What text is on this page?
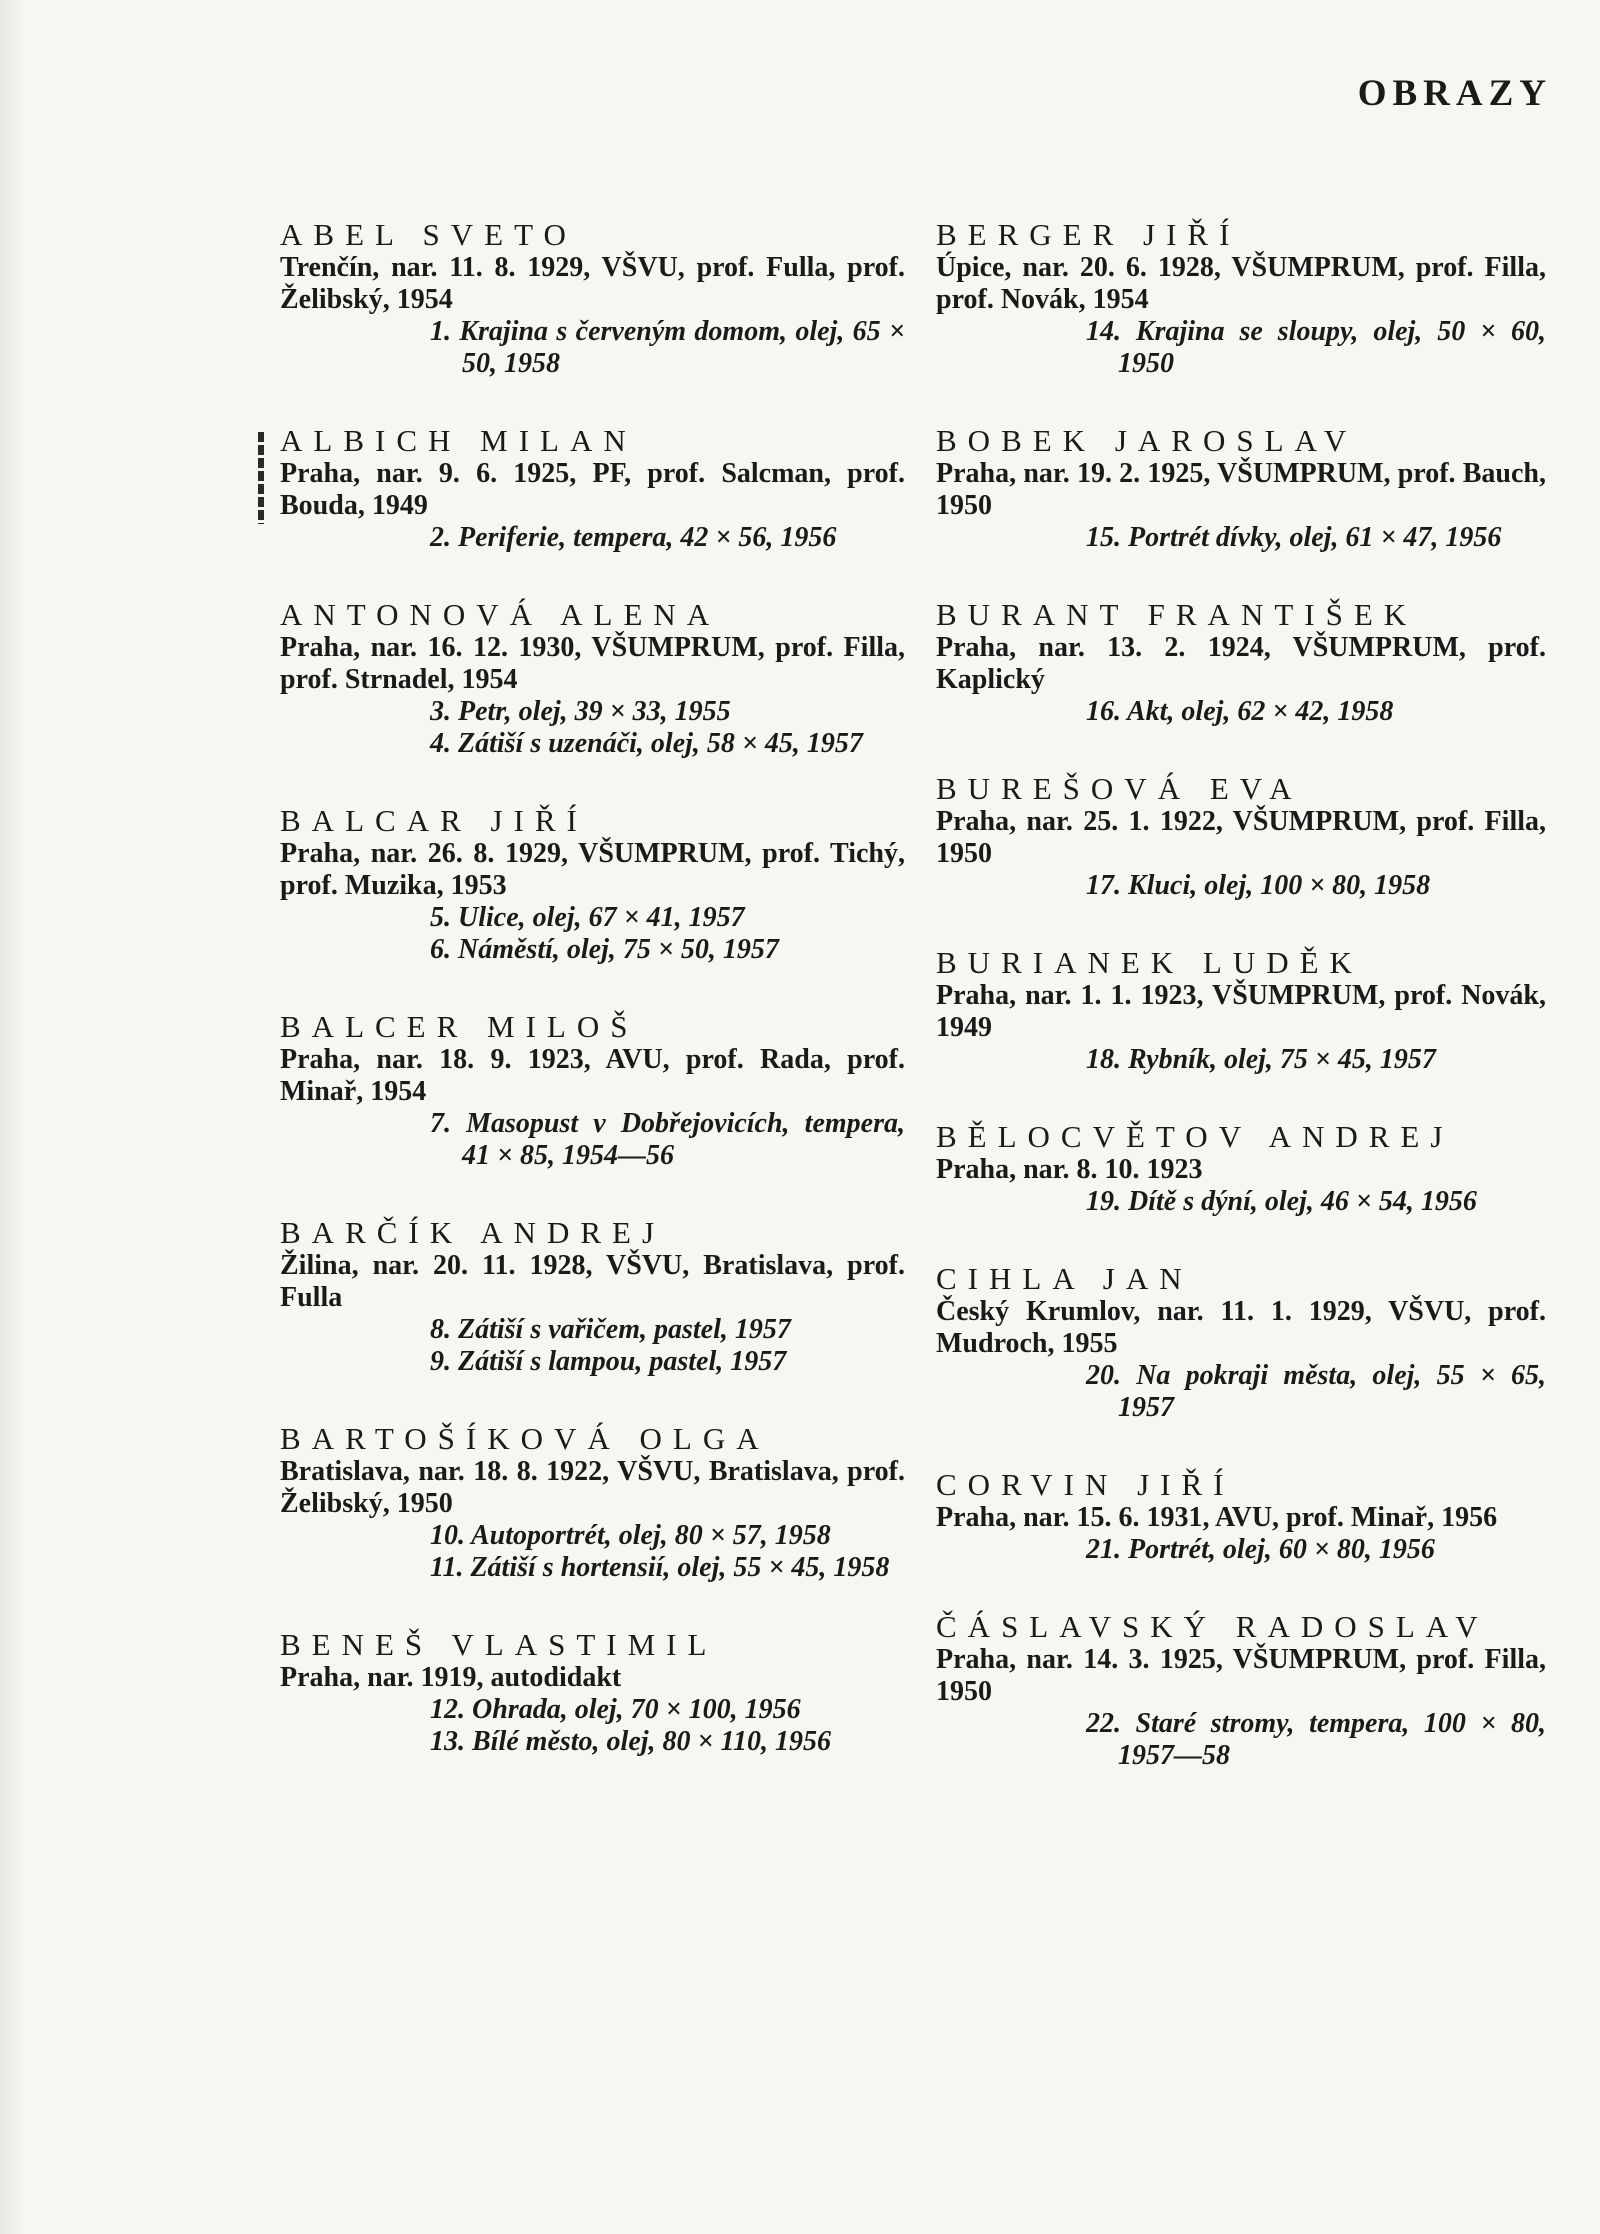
OBRAZY
ABEL SVETO
Trenčín, nar. 11. 8. 1929, VŠVU, prof. Fulla, prof. Želibský, 1954
1. Krajina s červeným domom, olej, 65 × 50, 1958
ALBICH MILAN
Praha, nar. 9. 6. 1925, PF, prof. Salcman, prof. Bouda, 1949
2. Periferie, tempera, 42 × 56, 1956
ANTONOVÁ ALENA
Praha, nar. 16. 12. 1930, VŠUMPRUM, prof. Filla, prof. Strnadel, 1954
3. Petr, olej, 39 × 33, 1955
4. Zátiší s uzenáči, olej, 58 × 45, 1957
BALCAR JIŘÍ
Praha, nar. 26. 8. 1929, VŠUMPRUM, prof. Tichý, prof. Muzika, 1953
5. Ulice, olej, 67 × 41, 1957
6. Náměstí, olej, 75 × 50, 1957
BALCER MILOŠ
Praha, nar. 18. 9. 1923, AVU, prof. Rada, prof. Minař, 1954
7. Masopust v Dobřejovicích, tempera, 41 × 85, 1954—56
BARČÍK ANDREJ
Žilina, nar. 20. 11. 1928, VŠVU, Bratislava, prof. Fulla
8. Zátiší s vařičem, pastel, 1957
9. Zátiší s lampou, pastel, 1957
BARTOŠÍKOVÁ OLGA
Bratislava, nar. 18. 8. 1922, VŠVU, Bratislava, prof. Želibský, 1950
10. Autoportrét, olej, 80 × 57, 1958
11. Zátiší s hortensií, olej, 55 × 45, 1958
BENEŠ VLASTIMIL
Praha, nar. 1919, autodidakt
12. Ohrada, olej, 70 × 100, 1956
13. Bílé město, olej, 80 × 110, 1956
BERGER JIŘÍ
Úpice, nar. 20. 6. 1928, VŠUMPRUM, prof. Filla, prof. Novák, 1954
14. Krajina se sloupy, olej, 50 × 60, 1950
BOBEK JAROSLAV
Praha, nar. 19. 2. 1925, VŠUMPRUM, prof. Bauch, 1950
15. Portrét dívky, olej, 61 × 47, 1956
BURANT FRANTIŠEK
Praha, nar. 13. 2. 1924, VŠUMPRUM, prof. Kaplický
16. Akt, olej, 62 × 42, 1958
BUREŠOVÁ EVA
Praha, nar. 25. 1. 1922, VŠUMPRUM, prof. Filla, 1950
17. Kluci, olej, 100 × 80, 1958
BURIANEK LUDĚK
Praha, nar. 1. 1. 1923, VŠUMPRUM, prof. Novák, 1949
18. Rybník, olej, 75 × 45, 1957
BĚLOCVĚTOV ANDREJ
Praha, nar. 8. 10. 1923
19. Dítě s dýní, olej, 46 × 54, 1956
CIHLA JAN
Český Krumlov, nar. 11. 1. 1929, VŠVU, prof. Mudroch, 1955
20. Na pokraji města, olej, 55 × 65, 1957
CORVIN JIŘÍ
Praha, nar. 15. 6. 1931, AVU, prof. Minař, 1956
21. Portrét, olej, 60 × 80, 1956
ČÁSLAVSKÝ RADOSLAV
Praha, nar. 14. 3. 1925, VŠUMPRUM, prof. Filla, 1950
22. Staré stromy, tempera, 100 × 80, 1957—58
